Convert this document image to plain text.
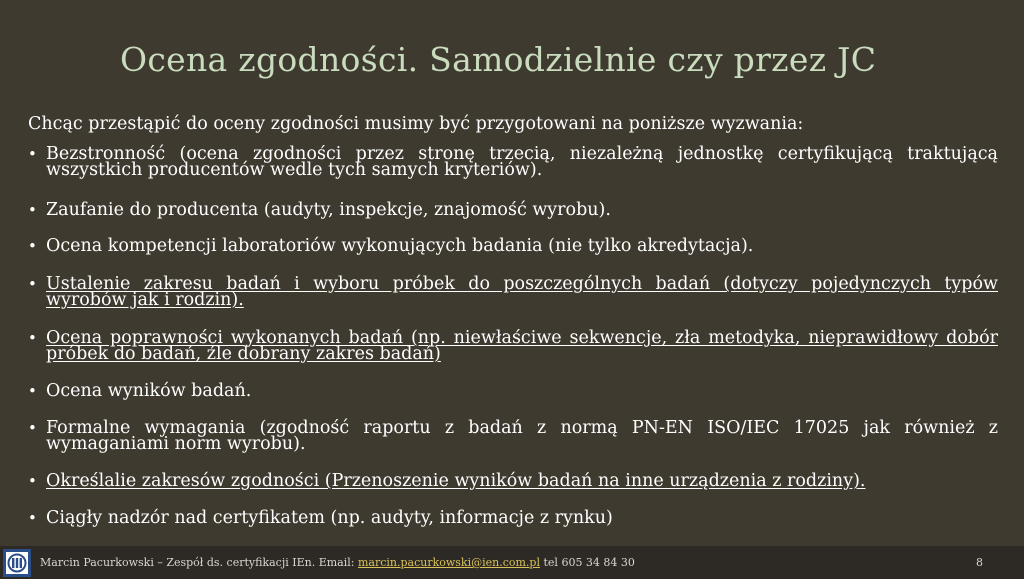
Ocena zgodności. Samodzielnie czy przez JC
Chcąc przestąpić do oceny zgodności musimy być przygotowani na poniższe wyzwania:
• Bezstronność (ocena zgodności przez stronę trzecią, niezależną jednostkę certyfikującą traktującą wszystkich producentów wedle tych samych kryteriów).
• Zaufanie do producenta (audyty, inspekcje, znajomość wyrobu).
• Ocena kompetencji laboratoriów wykonujących badania (nie tylko akredytacja).
• Ustalenie zakresu badań i wyboru próbek do poszczególnych badań (dotyczy pojedynczych typów wyrobów jak i rodzin).
• Ocena poprawności wykonanych badań (np. niewłaściwe sekwencje, zła metodyka, nieprawidłowy dobór próbek do badań, źle dobrany zakres badań)
• Ocena wyników badań.
• Formalne wymagania (zgodność raportu z badań z normą PN-EN ISO/IEC 17025 jak również z wymaganiami norm wyrobu).
• Określalie zakresów zgodności (Przenoszenie wyników badań na inne urządzenia z rodziny).
• Ciągły nadzór nad certyfikatem (np. audyty, informacje z rynku)
Marcin Pacurkowski – Zespół ds. certyfikacji IEn. Email: marcin.pacurkowski@ien.com.pl tel 605 34 84 30	8
